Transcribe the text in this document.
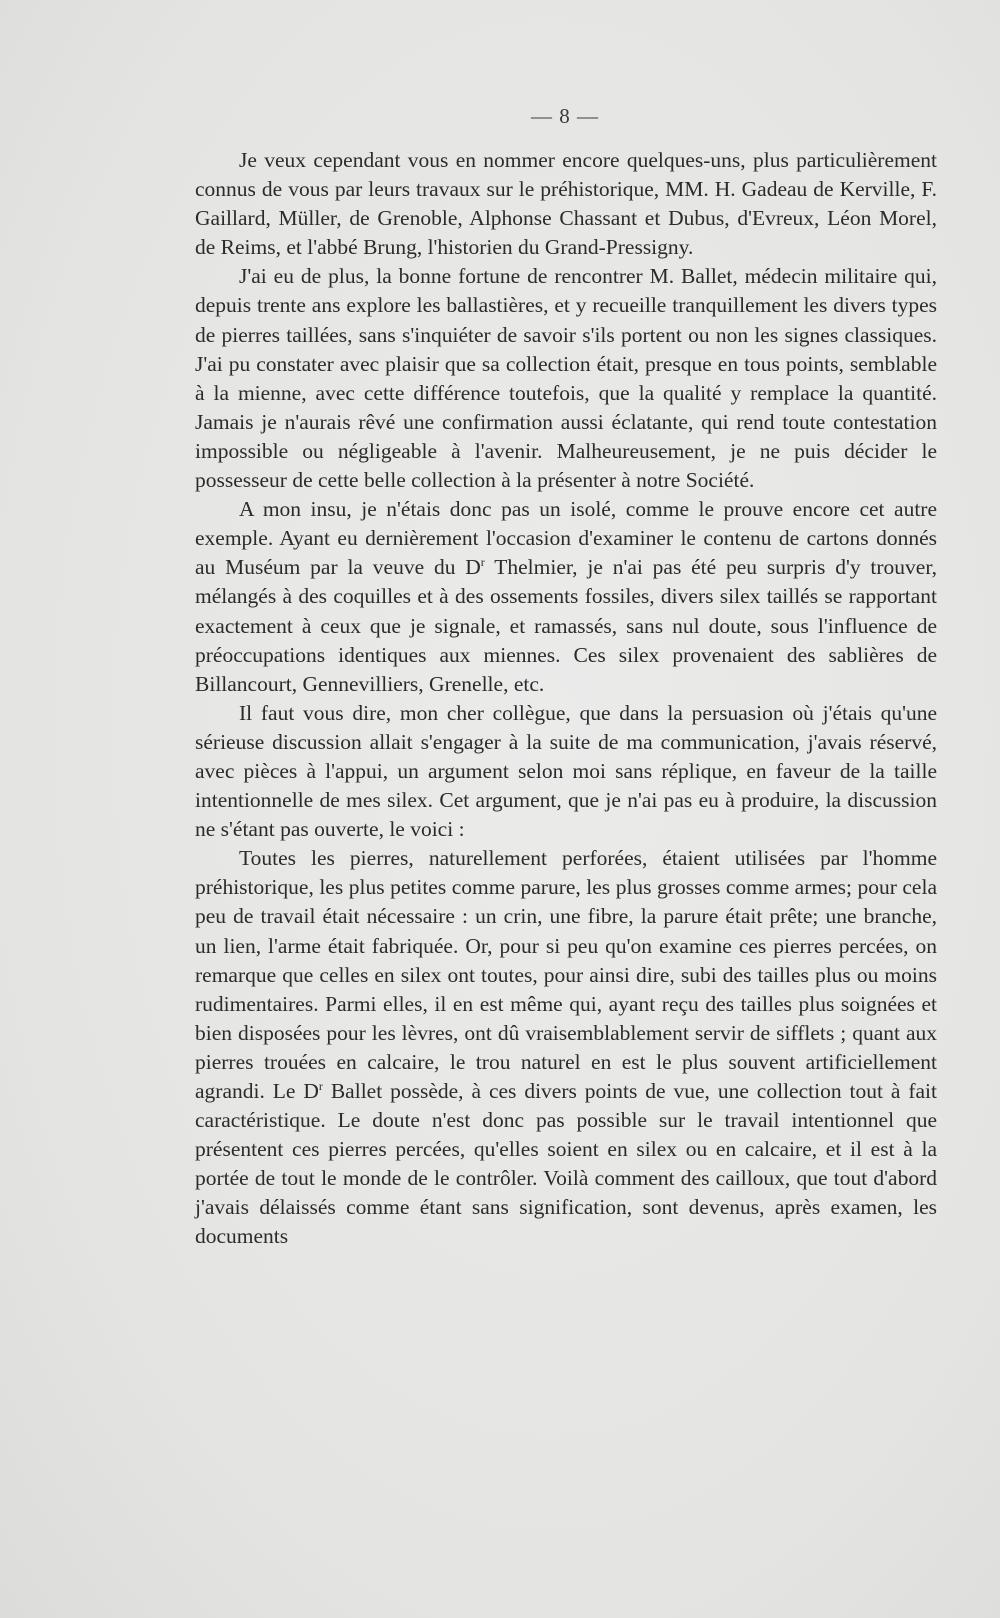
— 8 —

Je veux cependant vous en nommer encore quelques-uns, plus particulièrement connus de vous par leurs travaux sur le préhistorique, MM. H. Gadeau de Kerville, F. Gaillard, Müller, de Grenoble, Alphonse Chassant et Dubus, d'Evreux, Léon Morel, de Reims, et l'abbé Brung, l'historien du Grand-Pressigny.

J'ai eu de plus, la bonne fortune de rencontrer M. Ballet, médecin militaire qui, depuis trente ans explore les ballastières, et y recueille tranquillement les divers types de pierres taillées, sans s'inquiéter de savoir s'ils portent ou non les signes classiques. J'ai pu constater avec plaisir que sa collection était, presque en tous points, semblable à la mienne, avec cette différence toutefois, que la qualité y remplace la quantité. Jamais je n'aurais rêvé une confirmation aussi éclatante, qui rend toute contestation impossible ou négligeable à l'avenir. Malheureusement, je ne puis décider le possesseur de cette belle collection à la présenter à notre Société.

A mon insu, je n'étais donc pas un isolé, comme le prouve encore cet autre exemple. Ayant eu dernièrement l'occasion d'examiner le contenu de cartons donnés au Muséum par la veuve du $D^r$ Thelmier, je n'ai pas été peu surpris d'y trouver, mélangés à des coquilles et à des ossements fossiles, divers silex taillés se rapportant exactement à ceux que je signale, et ramassés, sans nul doute, sous l'influence de préoccupations identiques aux miennes. Ces silex provenaient des sablières de Billancourt, Gennevilliers, Grenelle, etc.

Il faut vous dire, mon cher collègue, que dans la persuasion où j'étais qu'une sérieuse discussion allait s'engager à la suite de ma communication, j'avais réservé, avec pièces à l'appui, un argument selon moi sans réplique, en faveur de la taille intentionnelle de mes silex. Cet argument, que je n'ai pas eu à produire, la discussion ne s'étant pas ouverte, le voici :

Toutes les pierres, naturellement perforées, étaient utilisées par l'homme préhistorique, les plus petites comme parure, les plus grosses comme armes; pour cela peu de travail était nécessaire : un crin, une fibre, la parure était prête; une branche, un lien, l'arme était fabriquée. Or, pour si peu qu'on examine ces pierres percées, on remarque que celles en silex ont toutes, pour ainsi dire, subi des tailles plus ou moins rudimentaires. Parmi elles, il en est même qui, ayant reçu des tailles plus soignées et bien disposées pour les lèvres, ont dû vraisemblablement servir de sifflets ; quant aux pierres trouées en calcaire, le trou naturel en est le plus souvent artificiellement agrandi. Le $D^r$ Ballet possède, à ces divers points de vue, une collection tout à fait caractéristique. Le doute n'est donc pas possible sur le travail intentionnel que présentent ces pierres percées, qu'elles soient en silex ou en calcaire, et il est à la portée de tout le monde de le contrôler. Voilà comment des cailloux, que tout d'abord j'avais délaissés comme étant sans signification, sont devenus, après examen, les documents
